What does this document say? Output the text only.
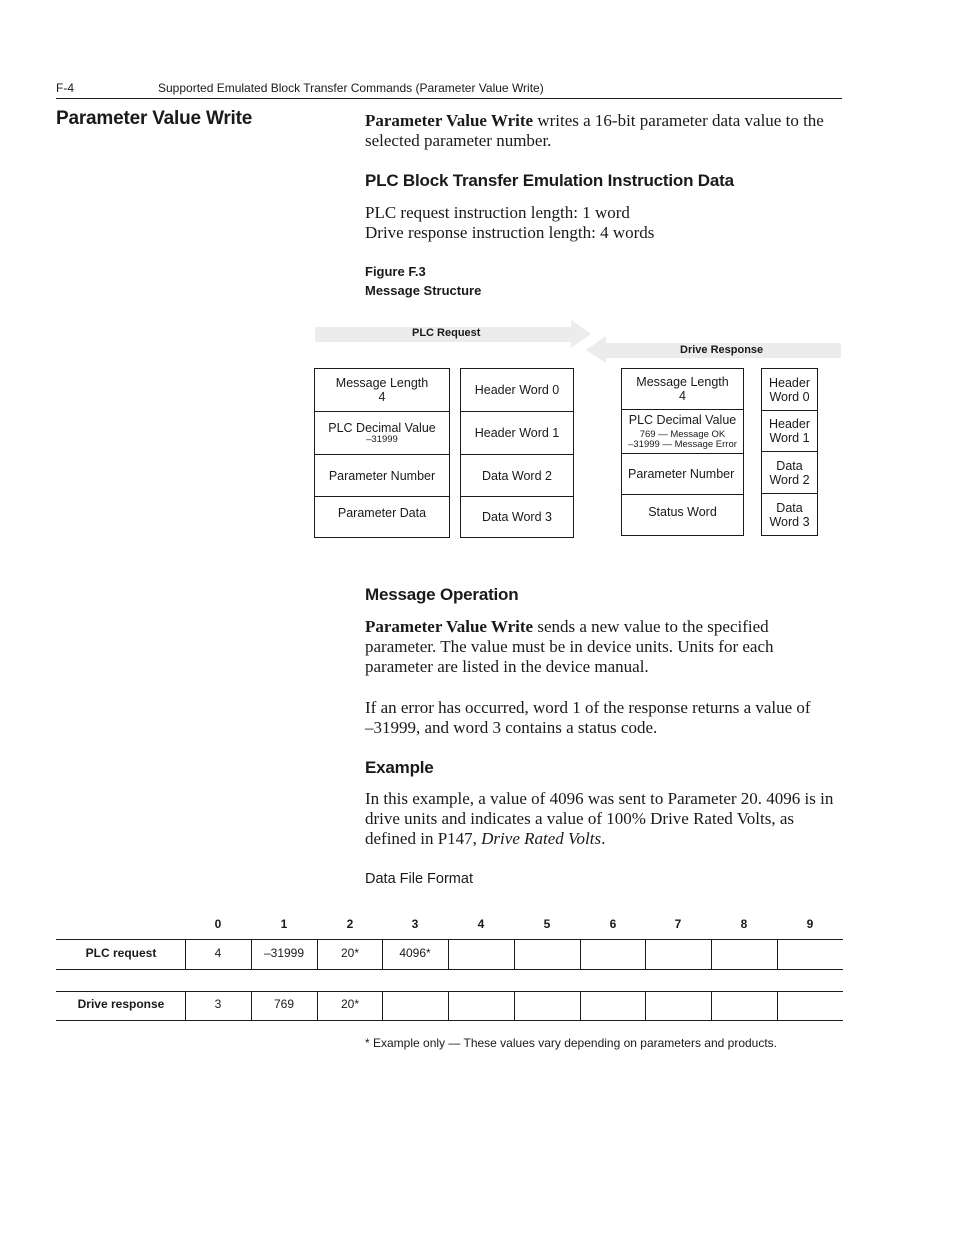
F-4	Supported Emulated Block Transfer Commands (Parameter Value Write)
Parameter Value Write	Parameter Value Write writes a 16-bit parameter data value to the
selected parameter number.
PLC Block Transfer Emulation Instruction Data
PLC request instruction length: 1 word
Drive response instruction length: 4 words
Figure F.3
Message Structure
PLC Request
Drive Response
Message Length
4
PLC Decimal Value
–31999
Parameter Number
Parameter Data
Header Word 0
Header Word 1
Data Word 2
Data Word 3
Message Length
4
PLC Decimal Value
769 — Message OK
–31999 — Message Error
Parameter Number
Status Word
Header
Word 0
Header
Word 1
Data
Word 2
Data
Word 3
Message Operation
Parameter Value Write sends a new value to the specified
parameter. The value must be in device units. Units for each
parameter are listed in the device manual.
If an error has occurred, word 1 of the response returns a value of
–31999, and word 3 contains a status code.
Example
In this example, a value of 4096 was sent to Parameter 20. 4096 is in
drive units and indicates a value of 100% Drive Rated Volts, as
defined in P147, Drive Rated Volts.
Data File Format
0	1	2	3	4	5	6	7	8	9
PLC request	4	–31999	20*	4096*
Drive response	3	769	20*
* Example only — These values vary depending on parameters and products.
